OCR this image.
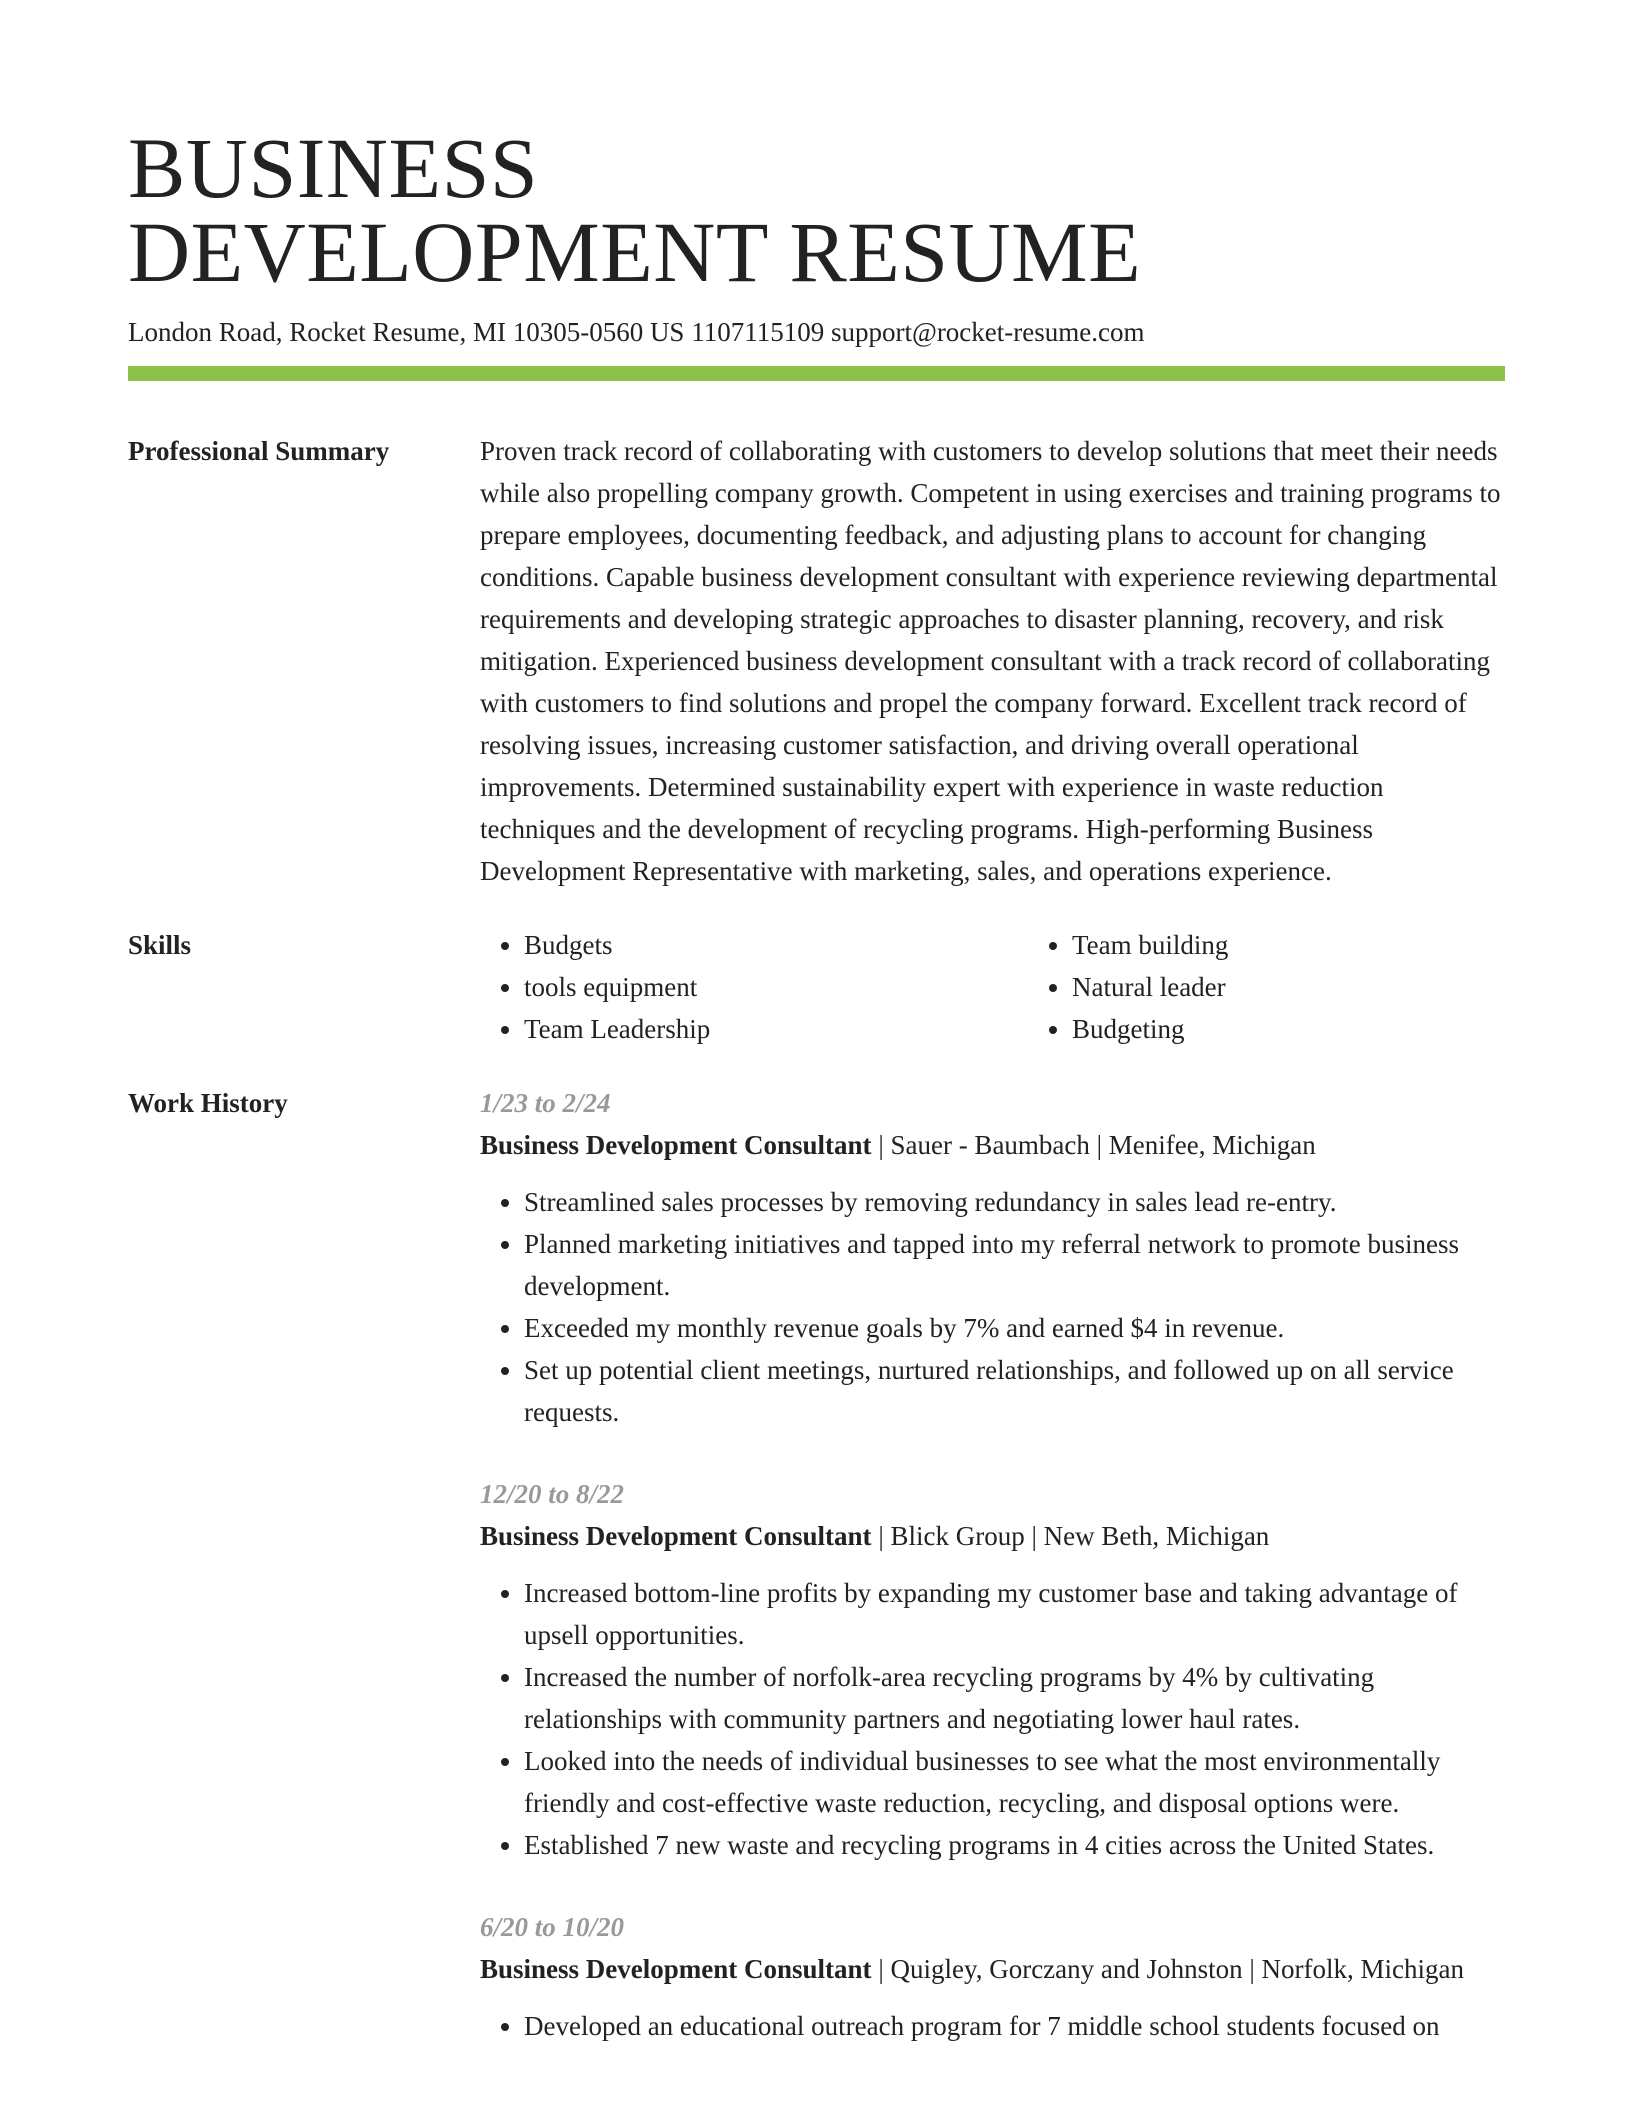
BUSINESS
DEVELOPMENT RESUME
London Road, Rocket Resume, MI 10305-0560 US 1107115109 support@rocket-resume.com
Professional Summary	Proven track record of collaborating with customers to develop solutions that meet their needs while also propelling company growth. Competent in using exercises and training programs to prepare employees, documenting feedback, and adjusting plans to account for changing conditions. Capable business development consultant with experience reviewing departmental requirements and developing strategic approaches to disaster planning, recovery, and risk mitigation. Experienced business development consultant with a track record of collaborating with customers to find solutions and propel the company forward. Excellent track record of resolving issues, increasing customer satisfaction, and driving overall operational improvements. Determined sustainability expert with experience in waste reduction techniques and the development of recycling programs. High-performing Business Development Representative with marketing, sales, and operations experience.
Skills
•	Budgets
• tools equipment
• Team Leadership
• Team building
• Natural leader
• Budgeting
Work History	1/23 to 2/24
Business Development Consultant | Sauer - Baumbach | Menifee, Michigan
• Streamlined sales processes by removing redundancy in sales lead re-entry.
• Planned marketing initiatives and tapped into my referral network to promote business development.
• Exceeded my monthly revenue goals by 7% and earned $4 in revenue.
• Set up potential client meetings, nurtured relationships, and followed up on all service requests.
12/20 to 8/22
Business Development Consultant | Blick Group | New Beth, Michigan
• Increased bottom-line profits by expanding my customer base and taking advantage of upsell opportunities.
• Increased the number of norfolk-area recycling programs by 4% by cultivating relationships with community partners and negotiating lower haul rates.
• Looked into the needs of individual businesses to see what the most environmentally friendly and cost-effective waste reduction, recycling, and disposal options were.
• Established 7 new waste and recycling programs in 4 cities across the United States.
6/20 to 10/20
Business Development Consultant | Quigley, Gorczany and Johnston | Norfolk, Michigan
• Developed an educational outreach program for 7 middle school students focused on
